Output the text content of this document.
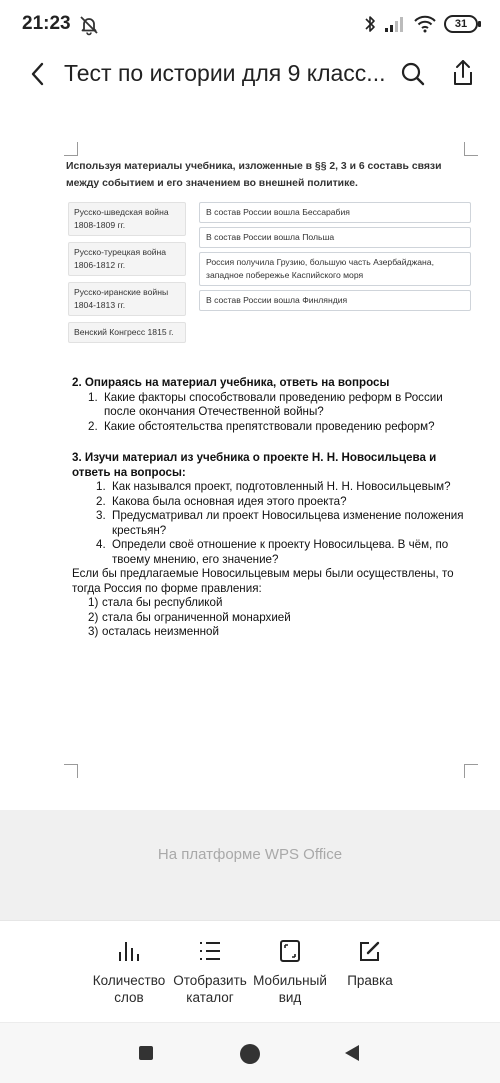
21:23	31
Тест по истории для 9 класс...
Используя материалы учебника, изложенные в §§ 2, 3 и 6 составь связи между событием и его значением во внешней политике.
Русско-шведская война 1808-1809 гг.
Русско-турецкая война 1806-1812 гг.
Русско-иранские войны 1804-1813 гг.
Венский Конгресс 1815 г.
В состав России вошла Бессарабия
В состав России вошла Польша
Россия получила Грузию, большую часть Азербайджана, западное побережье Каспийского моря
В состав России вошла Финляндия
2. Опираясь на материал учебника, ответь на вопросы
1. Какие факторы способствовали проведению реформ в России после окончания Отечественной войны?
2. Какие обстоятельства препятствовали проведению реформ?
3. Изучи материал из учебника о проекте Н. Н. Новосильцева и ответь на вопросы:
1. Как назывался проект, подготовленный Н. Н. Новосильцевым?
2. Какова была основная идея этого проекта?
3. Предусматривал ли проект Новосильцева изменение положения крестьян?
4. Определи своё отношение к проекту Новосильцева. В чём, по твоему мнению, его значение?
Если бы предлагаемые Новосильцевым меры были осуществлены, то тогда Россия по форме правления:
1) стала бы республикой
2) стала бы ограниченной монархией
3) осталась неизменной
На платформе WPS Office
Количество
слов
Отобразить
каталог
Мобильный
вид
Правка
